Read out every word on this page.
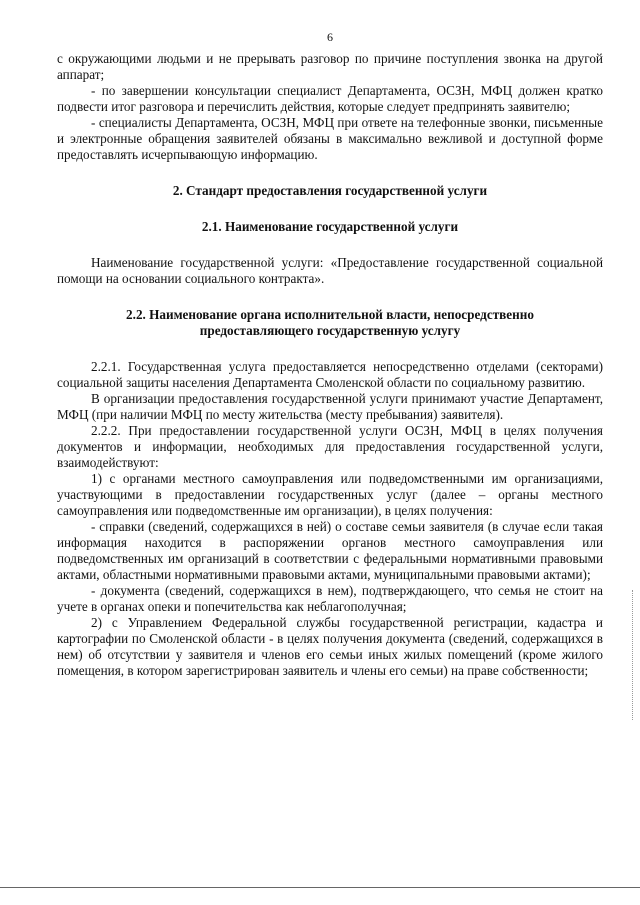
6

с окружающими людьми и не прерывать разговор по причине поступления звонка на другой аппарат;

- по завершении консультации специалист Департамента, ОСЗН, МФЦ должен кратко подвести итог разговора и перечислить действия, которые следует предпринять заявителю;

- специалисты Департамента, ОСЗН, МФЦ при ответе на телефонные звонки, письменные и электронные обращения заявителей обязаны в максимально вежливой и доступной форме предоставлять исчерпывающую информацию.

2. Стандарт предоставления государственной услуги
2.1. Наименование государственной услуги

Наименование государственной услуги: «Предоставление государственной социальной помощи на основании социального контракта».

2.2. Наименование органа исполнительной власти, непосредственно
предоставляющего государственную услугу

2.2.1. Государственная услуга предоставляется непосредственно отделами (секторами) социальной защиты населения Департамента Смоленской области по социальному развитию.

В организации предоставления государственной услуги принимают участие Департамент, МФЦ (при наличии МФЦ по месту жительства (месту пребывания) заявителя).

2.2.2. При предоставлении государственной услуги ОСЗН, МФЦ в целях получения документов и информации, необходимых для предоставления государственной услуги, взаимодействуют:

1) с органами местного самоуправления или подведомственными им организациями, участвующими в предоставлении государственных услуг (далее – органы местного самоуправления или подведомственные им организации), в целях получения:

- справки (сведений, содержащихся в ней) о составе семьи заявителя (в случае если такая информация находится в распоряжении органов местного самоуправления или подведомственных им организаций в соответствии с федеральными нормативными правовыми актами, областными нормативными правовыми актами, муниципальными правовыми актами);

- документа (сведений, содержащихся в нем), подтверждающего, что семья не стоит на учете в органах опеки и попечительства как неблагополучная;

2) с Управлением Федеральной службы государственной регистрации, кадастра и картографии по Смоленской области - в целях получения документа (сведений, содержащихся в нем) об отсутствии у заявителя и членов его семьи иных жилых помещений (кроме жилого помещения, в котором зарегистрирован заявитель и члены его семьи) на праве собственности;
